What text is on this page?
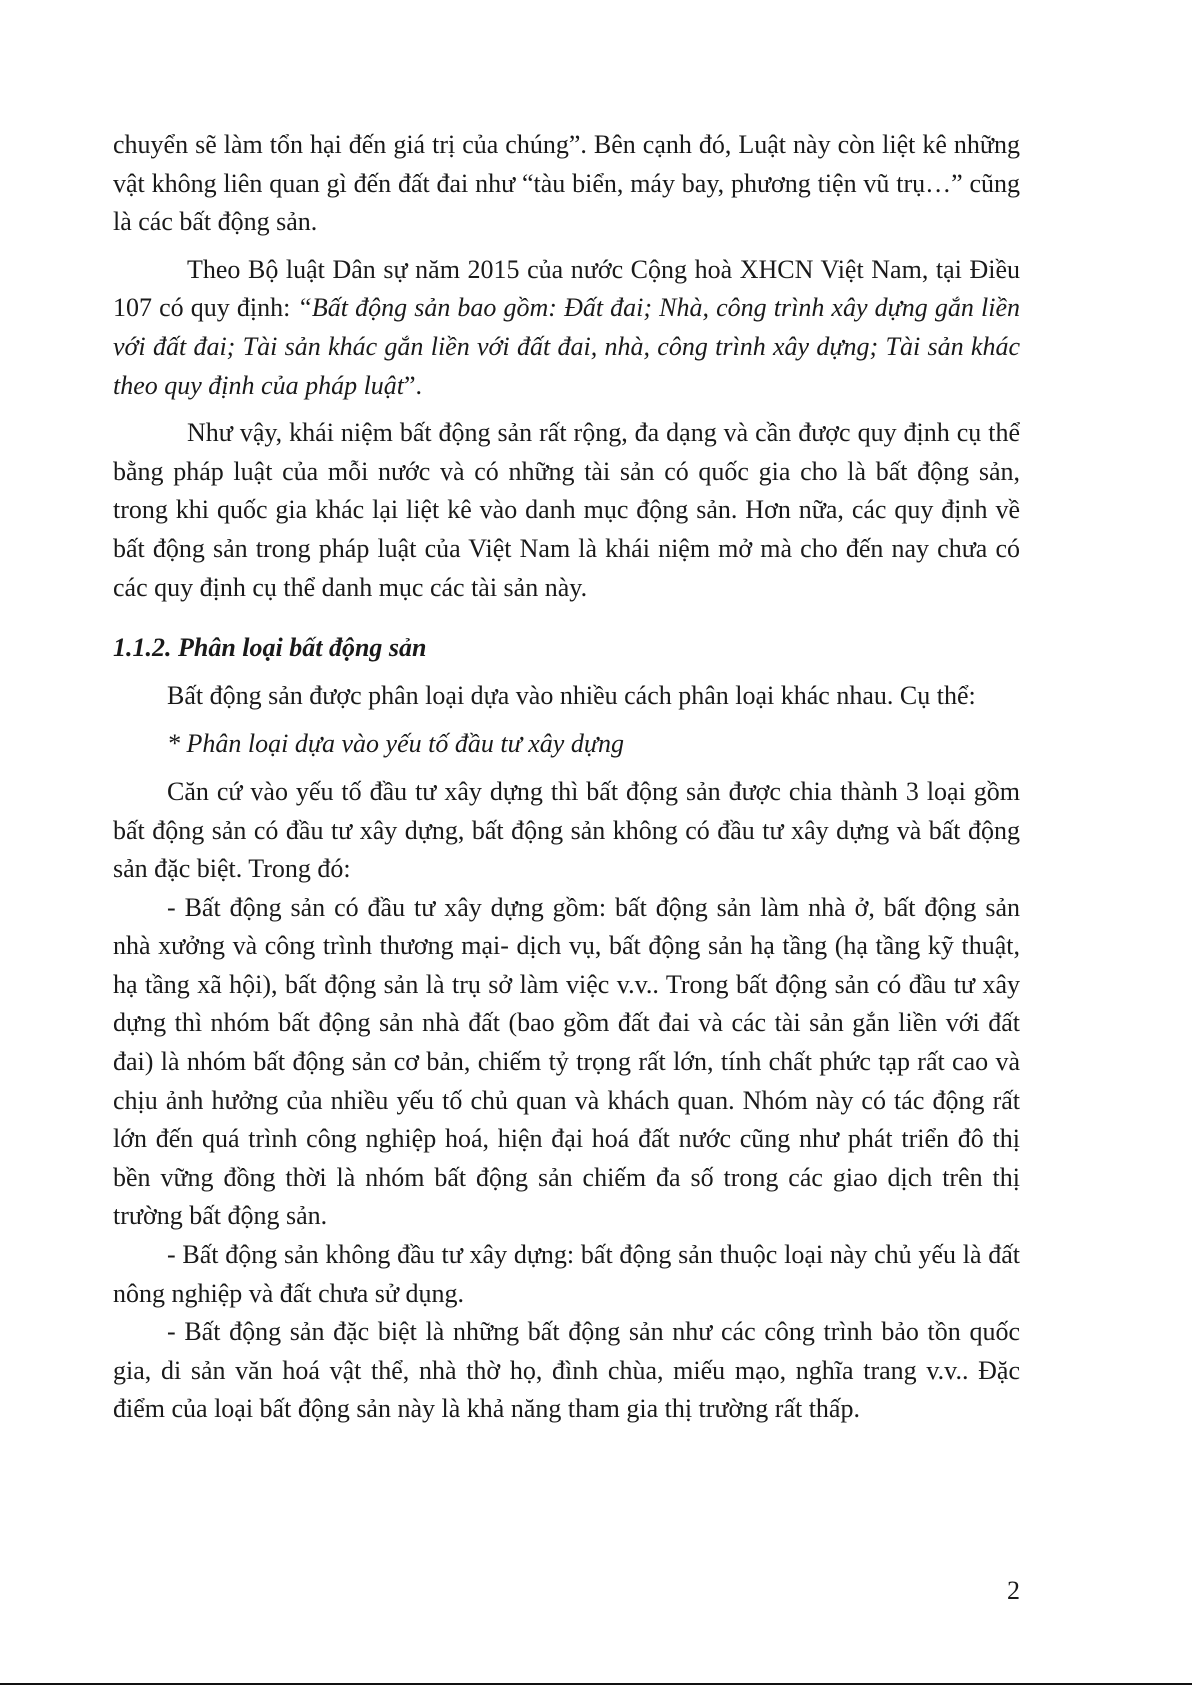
chuyển sẽ làm tổn hại đến giá trị của chúng”. Bên cạnh đó, Luật này còn liệt kê những vật không liên quan gì đến đất đai như “tàu biển, máy bay, phương tiện vũ trụ…” cũng là các bất động sản.

Theo Bộ luật Dân sự năm 2015 của nước Cộng hoà XHCN Việt Nam, tại Điều 107 có quy định: “Bất động sản bao gồm: Đất đai; Nhà, công trình xây dựng gắn liền với đất đai; Tài sản khác gắn liền với đất đai, nhà, công trình xây dựng; Tài sản khác theo quy định của pháp luật”.

Như vậy, khái niệm bất động sản rất rộng, đa dạng và cần được quy định cụ thể bằng pháp luật của mỗi nước và có những tài sản có quốc gia cho là bất động sản, trong khi quốc gia khác lại liệt kê vào danh mục động sản. Hơn nữa, các quy định về bất động sản trong pháp luật của Việt Nam là khái niệm mở mà cho đến nay chưa có các quy định cụ thể danh mục các tài sản này.

1.1.2. Phân loại bất động sản

Bất động sản được phân loại dựa vào nhiều cách phân loại khác nhau. Cụ thể:

* Phân loại dựa vào yếu tố đầu tư xây dựng

Căn cứ vào yếu tố đầu tư xây dựng thì bất động sản được chia thành 3 loại gồm bất động sản có đầu tư xây dựng, bất động sản không có đầu tư xây dựng và bất động sản đặc biệt. Trong đó:

- Bất động sản có đầu tư xây dựng gồm: bất động sản làm nhà ở, bất động sản nhà xưởng và công trình thương mại- dịch vụ, bất động sản hạ tầng (hạ tầng kỹ thuật, hạ tầng xã hội), bất động sản là trụ sở làm việc v.v.. Trong bất động sản có đầu tư xây dựng thì nhóm bất động sản nhà đất (bao gồm đất đai và các tài sản gắn liền với đất đai) là nhóm bất động sản cơ bản, chiếm tỷ trọng rất lớn, tính chất phức tạp rất cao và chịu ảnh hưởng của nhiều yếu tố chủ quan và khách quan. Nhóm này có tác động rất lớn đến quá trình công nghiệp hoá, hiện đại hoá đất nước cũng như phát triển đô thị bền vững đồng thời là nhóm bất động sản chiếm đa số trong các giao dịch trên thị trường bất động sản.

- Bất động sản không đầu tư xây dựng: bất động sản thuộc loại này chủ yếu là đất nông nghiệp và đất chưa sử dụng.

- Bất động sản đặc biệt là những bất động sản như các công trình bảo tồn quốc gia, di sản văn hoá vật thể, nhà thờ họ, đình chùa, miếu mạo, nghĩa trang v.v.. Đặc điểm của loại bất động sản này là khả năng tham gia thị trường rất thấp.

2
